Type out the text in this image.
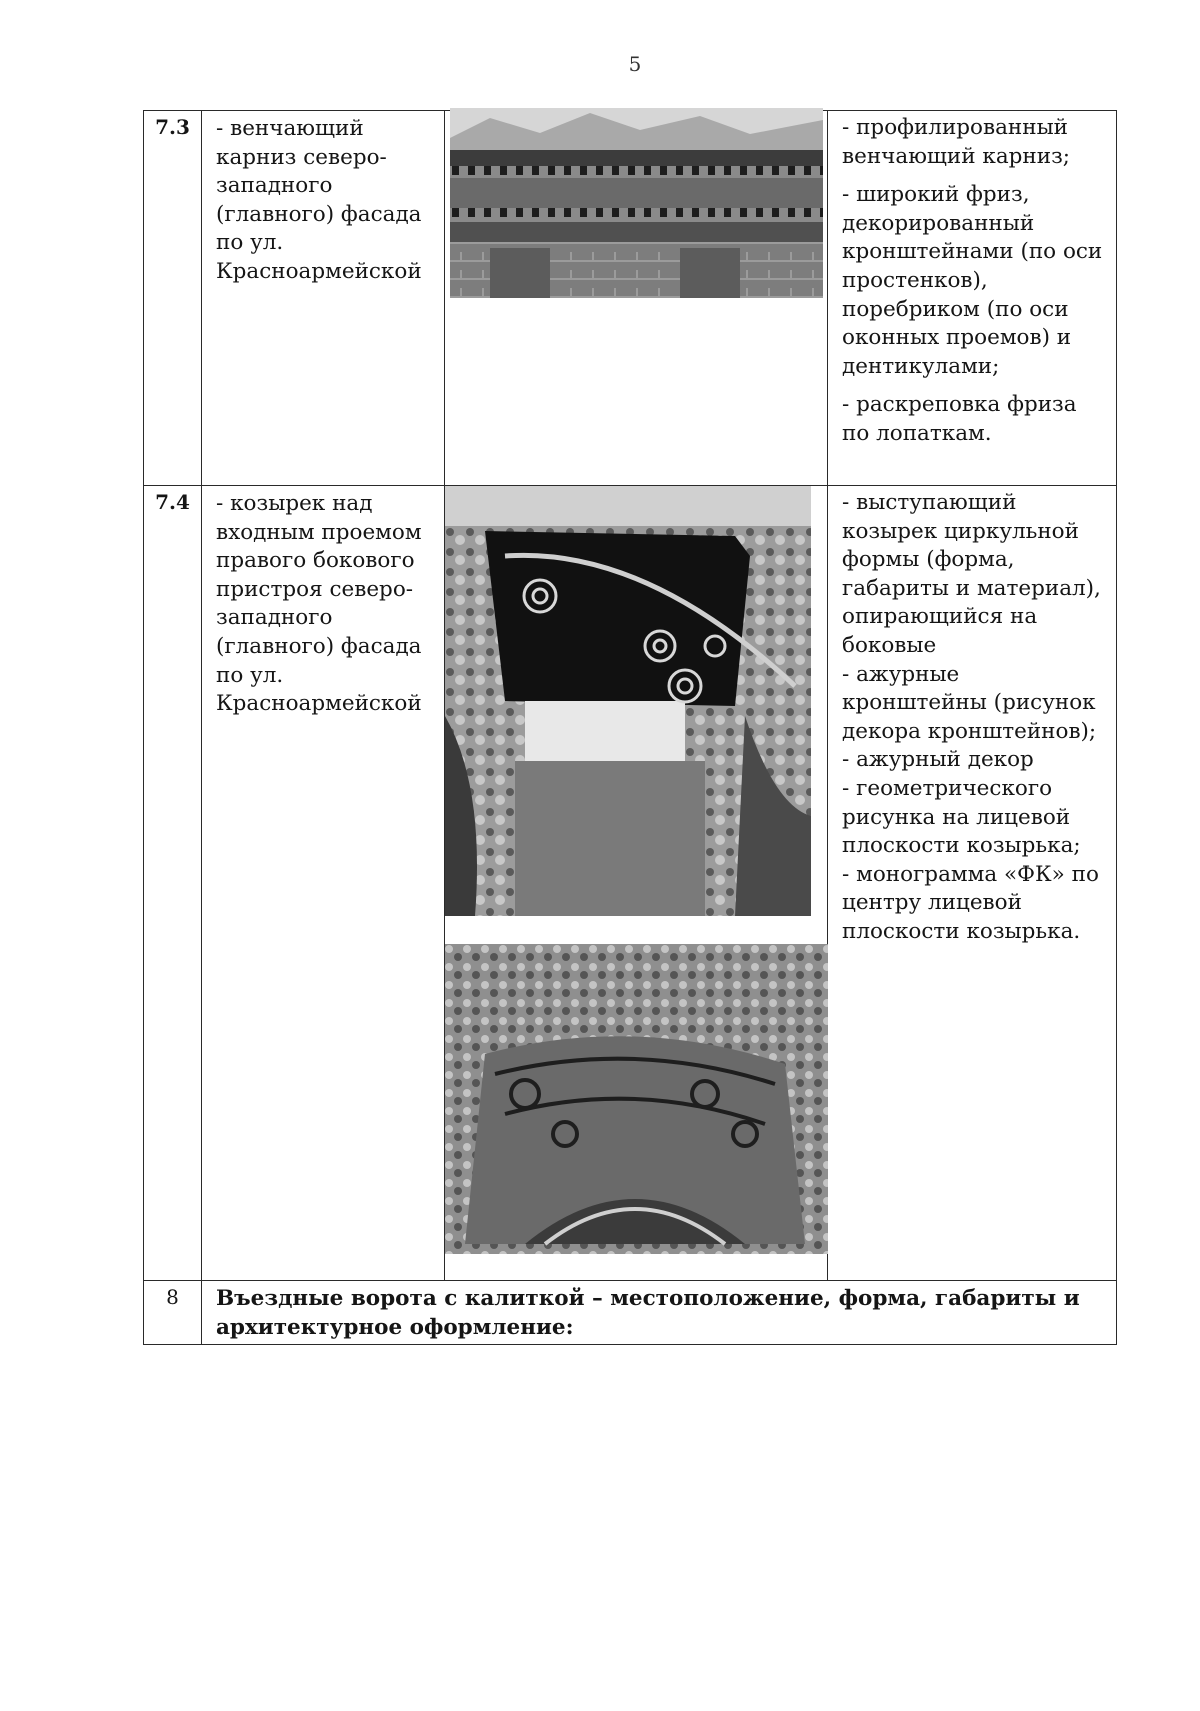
5
7.3	- венчающий карниз северо-западного (главного) фасада по ул. Красноармейской		- профилированный венчающий карниз;

- широкий фриз, декорированный кронштейнами (по оси простенков), поребриком (по оси оконных проемов) и дентикулами;

- раскреповка фриза по лопаткам.

7.4	- козырек над входным проемом правого бокового пристроя северо-западного (главного) фасада по ул. Красноармейской		- выступающий козырек циркульной формы (форма, габариты и материал), опирающийся на боковые
- ажурные кронштейны (рисунок декора кронштейнов);
- ажурный декор
- геометрического рисунка на лицевой плоскости козырька;
- монограмма «ФК» по центру лицевой плоскости козырька.

8	Въездные ворота с калиткой – местоположение, форма, габариты и архитектурное оформление:		
